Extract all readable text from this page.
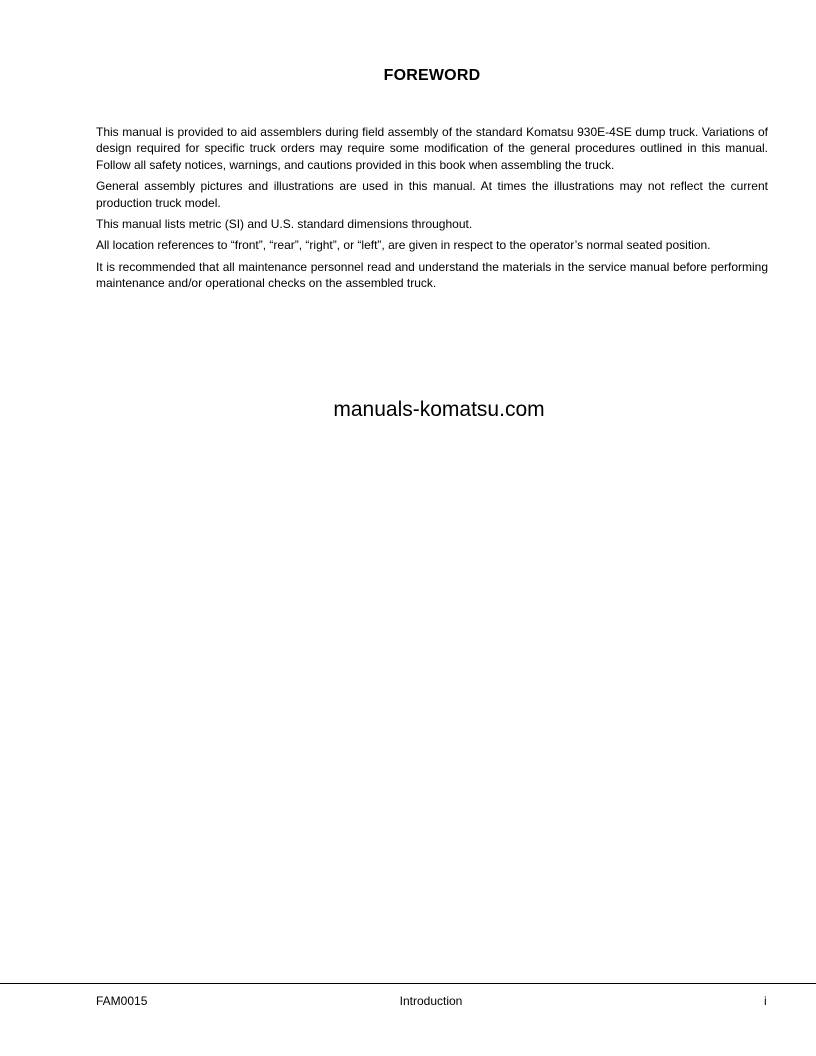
FOREWORD

This manual is provided to aid assemblers during field assembly of the standard Komatsu 930E-4SE dump truck. Variations of design required for specific truck orders may require some modification of the general procedures outlined in this manual. Follow all safety notices, warnings, and cautions provided in this book when assembling the truck.

General assembly pictures and illustrations are used in this manual. At times the illustrations may not reflect the current production truck model.

This manual lists metric (SI) and U.S. standard dimensions throughout.

All location references to “front”, “rear”, “right”, or “left”, are given in respect to the operator’s normal seated position.

It is recommended that all maintenance personnel read and understand the materials in the service manual before performing maintenance and/or operational checks on the assembled truck.

manuals-komatsu.com
FAM0015	Introduction	i
